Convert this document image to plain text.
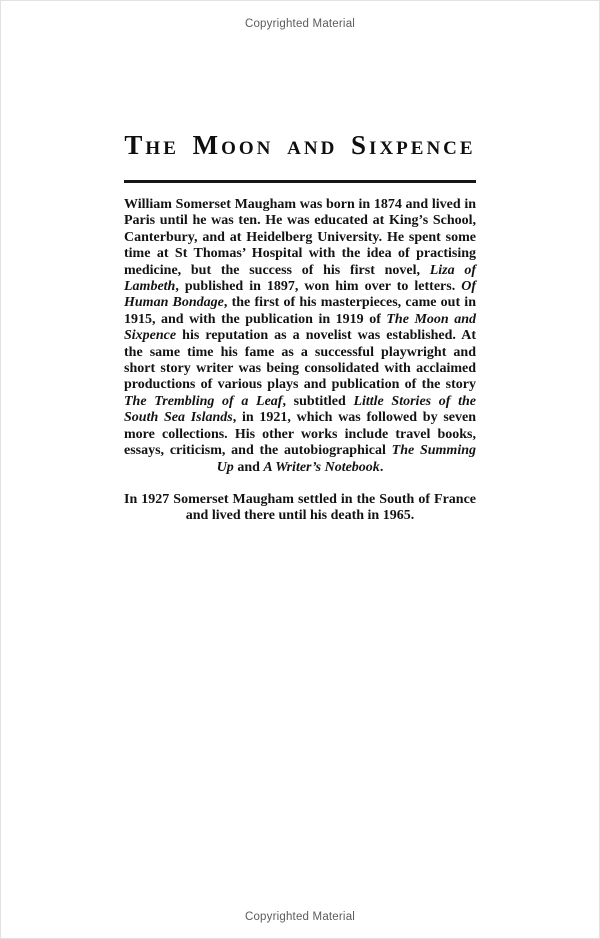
Copyrighted Material
The Moon and Sixpence

William Somerset Maugham was born in 1874 and lived in Paris until he was ten. He was educated at King’s School, Canterbury, and at Heidelberg University. He spent some time at St Thomas’ Hospital with the idea of practising medicine, but the success of his first novel, Liza of Lambeth, published in 1897, won him over to letters. Of Human Bondage, the first of his masterpieces, came out in 1915, and with the publication in 1919 of The Moon and Sixpence his reputation as a novelist was established. At the same time his fame as a successful playwright and short story writer was being consolidated with acclaimed productions of various plays and publication of the story The Trembling of a Leaf, subtitled Little Stories of the South Sea Islands, in 1921, which was followed by seven more collections. His other works include travel books, essays, criticism, and the autobiographical The Summing Up and A Writer’s Notebook.

In 1927 Somerset Maugham settled in the South of France and lived there until his death in 1965.

Copyrighted Material
